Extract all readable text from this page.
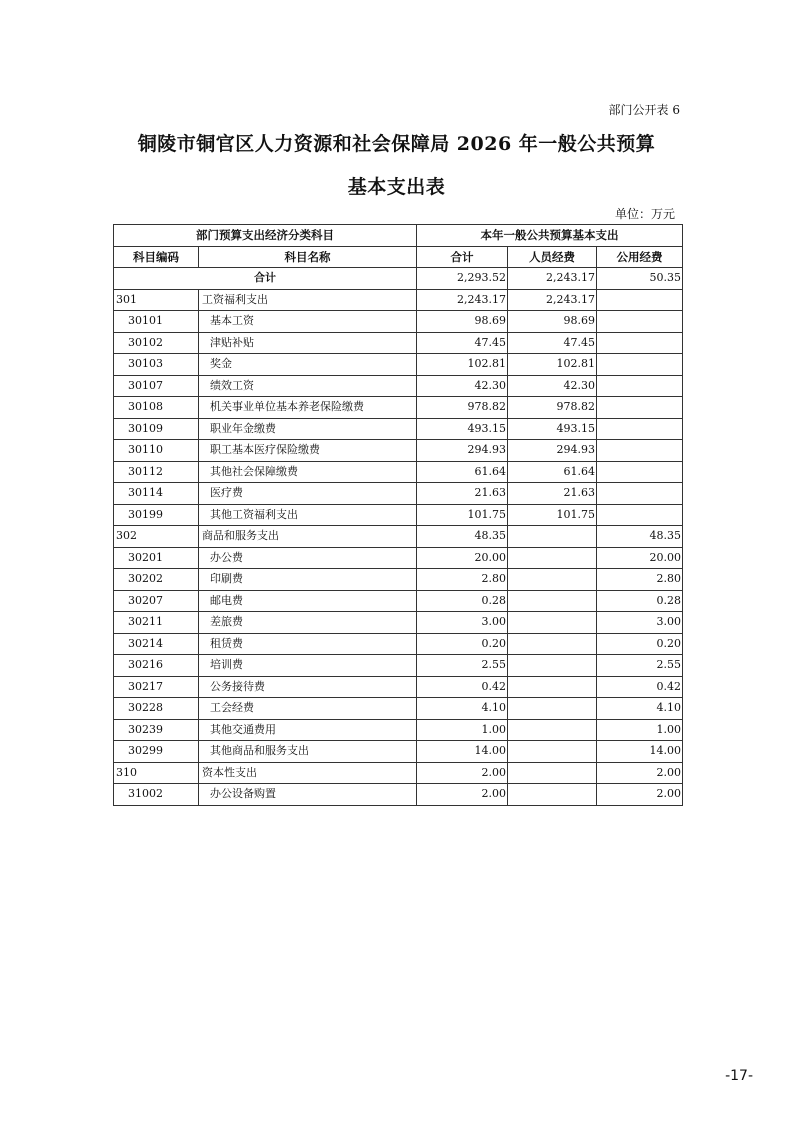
部门公开表 6
铜陵市铜官区人力资源和社会保障局 2026 年一般公共预算
基本支出表
单位：万元
部门预算支出经济分类科目		本年一般公共预算基本支出		
科目编码	科目名称	合计	人员经费	公用经费
合计		2,293.52	2,243.17	50.35
301	工资福利支出	2,243.17	2,243.17	
30101	基本工资	98.69	98.69	
30102	津贴补贴	47.45	47.45	
30103	奖金	102.81	102.81	
30107	绩效工资	42.30	42.30	
30108	机关事业单位基本养老保险缴费	978.82	978.82	
30109	职业年金缴费	493.15	493.15	
30110	职工基本医疗保险缴费	294.93	294.93	
30112	其他社会保障缴费	61.64	61.64	
30114	医疗费	21.63	21.63	
30199	其他工资福利支出	101.75	101.75	
302	商品和服务支出	48.35		48.35
30201	办公费	20.00		20.00
30202	印刷费	2.80		2.80
30207	邮电费	0.28		0.28
30211	差旅费	3.00		3.00
30214	租赁费	0.20		0.20
30216	培训费	2.55		2.55
30217	公务接待费	0.42		0.42
30228	工会经费	4.10		4.10
30239	其他交通费用	1.00		1.00
30299	其他商品和服务支出	14.00		14.00
310	资本性支出	2.00		2.00
31002	办公设备购置	2.00		2.00
-17-
